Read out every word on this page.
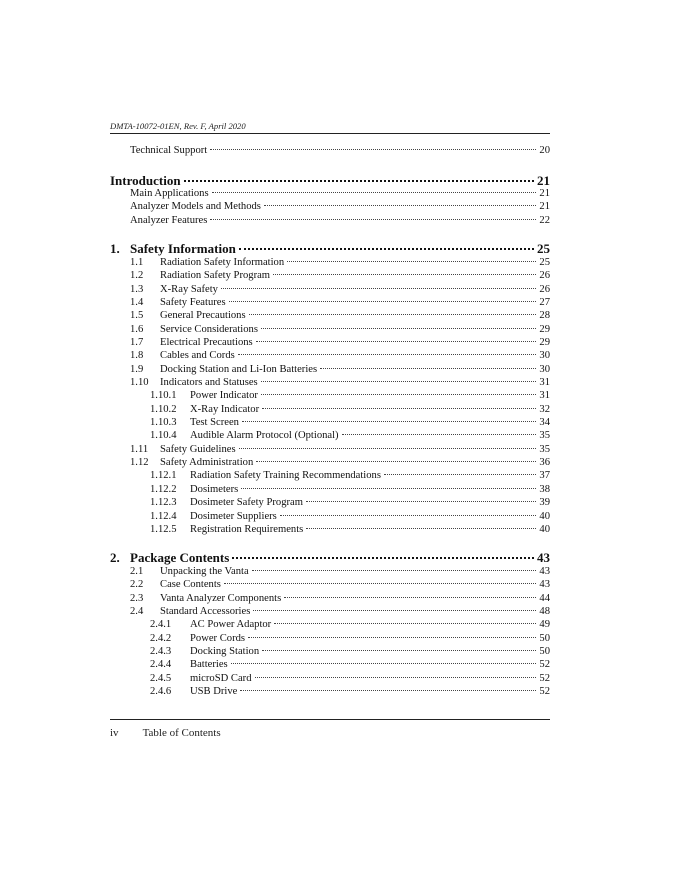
DMTA-10072-01EN, Rev. F, April 2020
Technical Support	20
Introduction	21
Main Applications	21
Analyzer Models and Methods	21
Analyzer Features	22
1. Safety Information	25
1.1	Radiation Safety Information	25
1.2	Radiation Safety Program	26
1.3	X-Ray Safety	26
1.4	Safety Features	27
1.5	General Precautions	28
1.6	Service Considerations	29
1.7	Electrical Precautions	29
1.8	Cables and Cords	30
1.9	Docking Station and Li-Ion Batteries	30
1.10	Indicators and Statuses	31
1.10.1	Power Indicator	31
1.10.2	X-Ray Indicator	32
1.10.3	Test Screen	34
1.10.4	Audible Alarm Protocol (Optional)	35
1.11	Safety Guidelines	35
1.12	Safety Administration	36
1.12.1	Radiation Safety Training Recommendations	37
1.12.2	Dosimeters	38
1.12.3	Dosimeter Safety Program	39
1.12.4	Dosimeter Suppliers	40
1.12.5	Registration Requirements	40
2. Package Contents	43
2.1	Unpacking the Vanta	43
2.2	Case Contents	43
2.3	Vanta Analyzer Components	44
2.4	Standard Accessories	48
2.4.1	AC Power Adaptor	49
2.4.2	Power Cords	50
2.4.3	Docking Station	50
2.4.4	Batteries	52
2.4.5	microSD Card	52
2.4.6	USB Drive	52
iv Table of Contents
